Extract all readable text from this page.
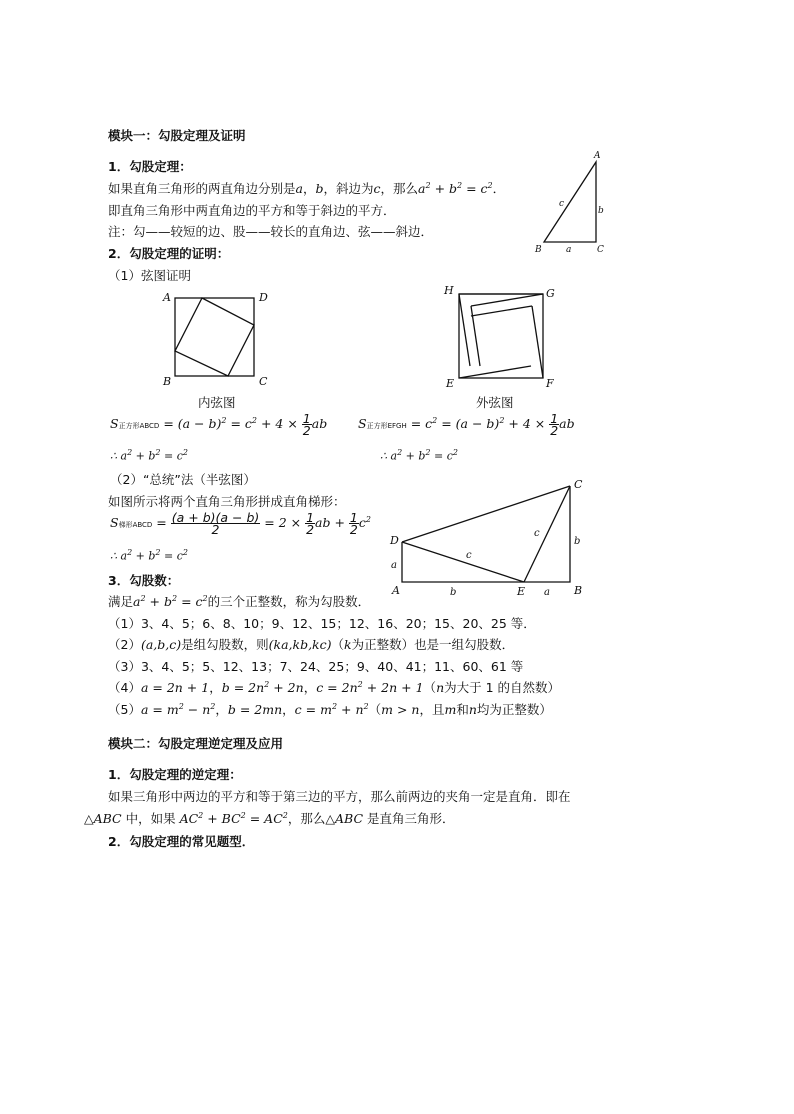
模块一：勾股定理及证明
1．勾股定理：
如果直角三角形的两直角边分别是a，b，斜边为c，那么$a^2 + b^2 = c^2$．
即直角三角形中两直角边的平方和等于斜边的平方．
注：勾——较短的边、股——较长的直角边、弦——斜边．
A
B	C
a
b
c
2．勾股定理的证明：
（1）弦图证明
A	D
B	C
内弦图
H	G
E	F
外弦图
S正方形ABCD = $(a - b)^2 = c^2 + 4 \times \frac{1}{2}$ ab S正方形EFGH = $c^2 = (a - b)^2 + 4 \times \frac{1}{2}$ ab
∴ $a^2 + b^2 = c^2$	∴ $a^2 + b^2 = c^2$
（2）“总统”法（半弦图）
如图所示将两个直角三角形拼成直角梯形：
S梯形ABCD = $\frac{(a + b)(a - b)}{2} = 2 \times \frac{1}{2}$ ab + $\frac{1}{2} c^2$
∴ $a^2 + b^2 = c^2$
D
A	E	B
C
a
b
c
a
b
c
3．勾股数：
满足$a^2 + b^2 = c^2$的三个正整数，称为勾股数．
（1）3、4、5；6、8、10；9、12、15；12、16、20；15、20、25 等．
（2）(a,b,c)是组勾股数，则(ka,kb,kc)（k为正整数）也是一组勾股数．
（3）3、4、5；5、12、13；7、24、25；9、40、41；11、60、61 等
（4）a = 2n + 1，$b = 2n^2 + 2n$，$c = 2n^2 + 2n + 1(n$为大于 1 的自然数）
$(5)a = m^2 - n^2$，b = 2mn，$c = m^2 + n^2(m > n$，且m和n均为正整数）
模块二：勾股定理逆定理及应用
1．勾股定理的逆定理：
如果三角形中两边的平方和等于第三边的平方，那么前两边的夹角一定是直角．即在
△ABC 中，如果 $AC^2 + BC^2 = AC^2$，那么△ABC 是直角三角形．
2．勾股定理的常见题型．
